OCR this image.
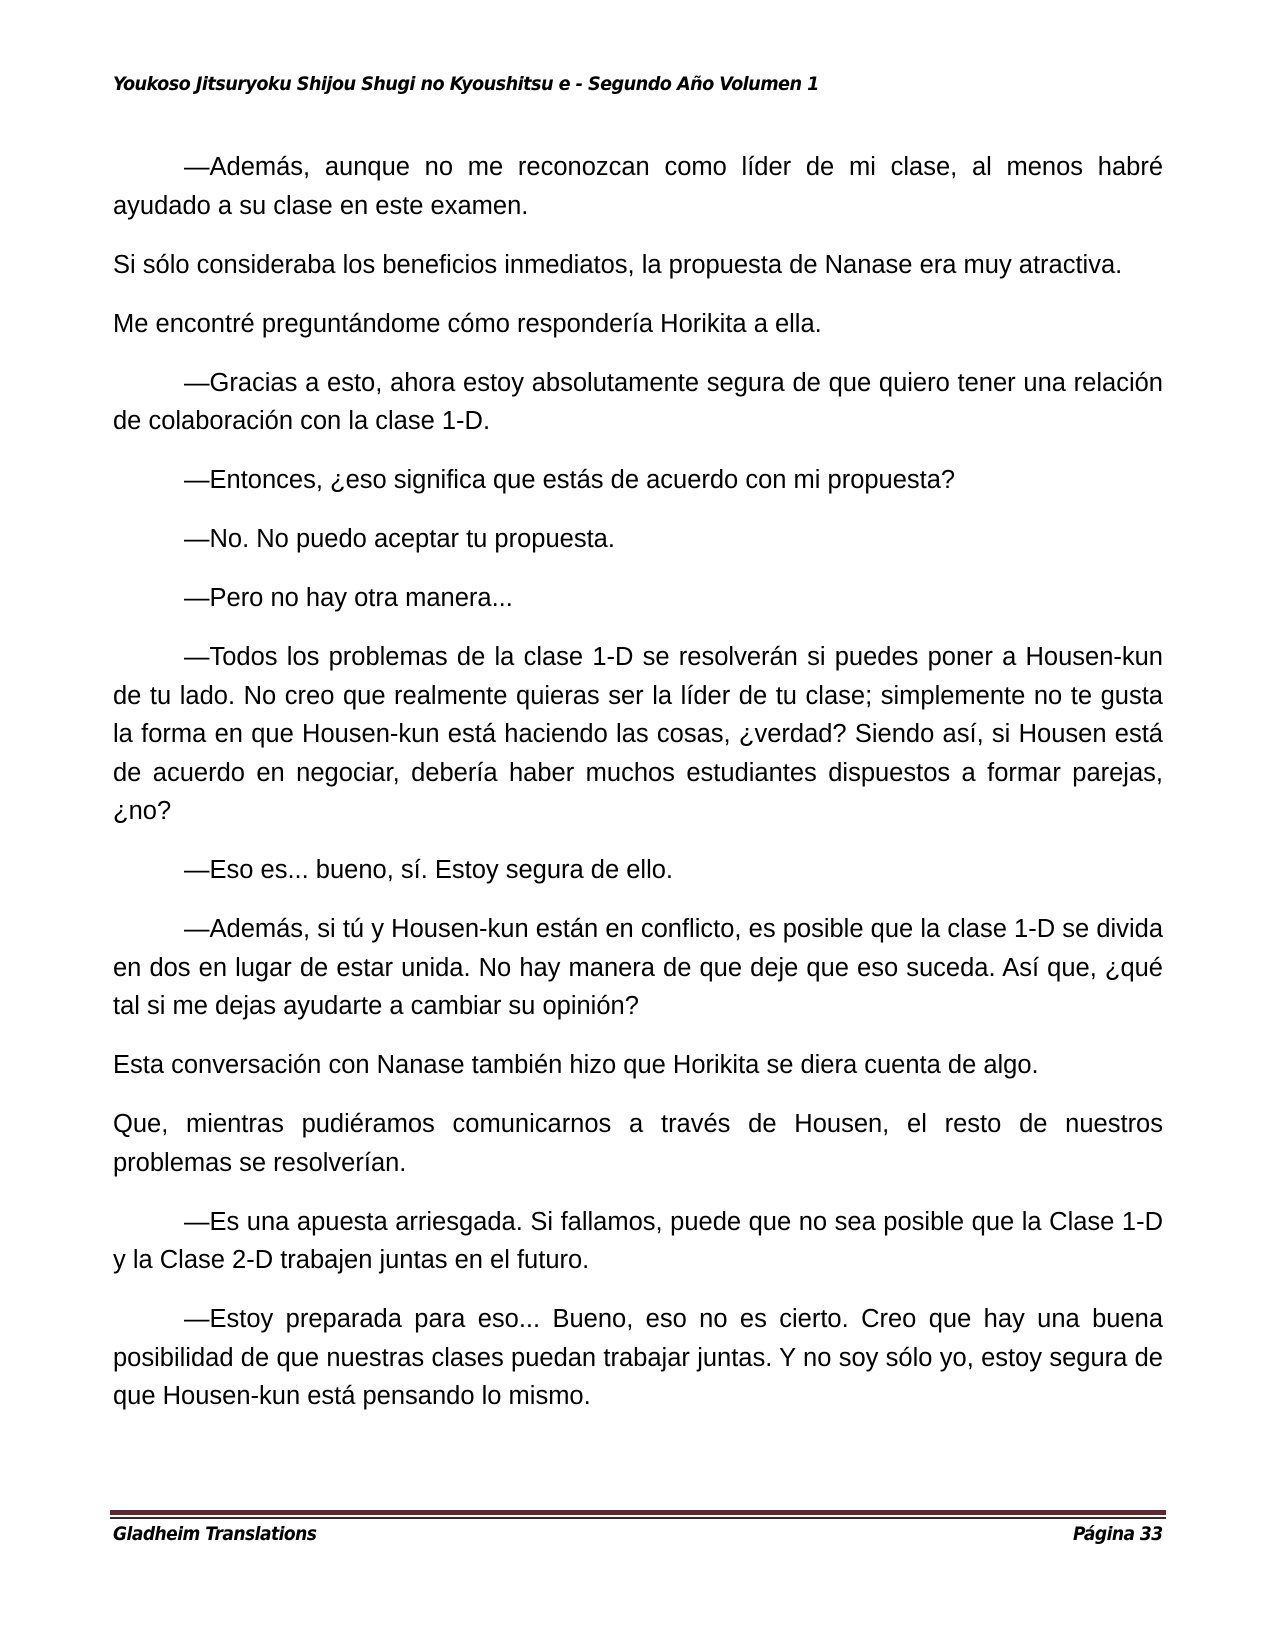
Youkoso Jitsuryoku Shijou Shugi no Kyoushitsu e - Segundo Año Volumen 1

—Además, aunque no me reconozcan como líder de mi clase, al menos habré ayudado a su clase en este examen.

Si sólo consideraba los beneficios inmediatos, la propuesta de Nanase era muy atractiva.

Me encontré preguntándome cómo respondería Horikita a ella.

—Gracias a esto, ahora estoy absolutamente segura de que quiero tener una relación de colaboración con la clase 1-D.

—Entonces, ¿eso significa que estás de acuerdo con mi propuesta?

—No. No puedo aceptar tu propuesta.

—Pero no hay otra manera...

—Todos los problemas de la clase 1-D se resolverán si puedes poner a Housen-kun de tu lado. No creo que realmente quieras ser la líder de tu clase; simplemente no te gusta la forma en que Housen-kun está haciendo las cosas, ¿verdad? Siendo así, si Housen está de acuerdo en negociar, debería haber muchos estudiantes dispuestos a formar parejas, ¿no?

—Eso es... bueno, sí. Estoy segura de ello.

—Además, si tú y Housen-kun están en conflicto, es posible que la clase 1-D se divida en dos en lugar de estar unida. No hay manera de que deje que eso suceda. Así que, ¿qué tal si me dejas ayudarte a cambiar su opinión?

Esta conversación con Nanase también hizo que Horikita se diera cuenta de algo.

Que, mientras pudiéramos comunicarnos a través de Housen, el resto de nuestros problemas se resolverían.

—Es una apuesta arriesgada. Si fallamos, puede que no sea posible que la Clase 1-D y la Clase 2-D trabajen juntas en el futuro.

—Estoy preparada para eso... Bueno, eso no es cierto. Creo que hay una buena posibilidad de que nuestras clases puedan trabajar juntas. Y no soy sólo yo, estoy segura de que Housen-kun está pensando lo mismo.

Gladheim Translations	Página 33
